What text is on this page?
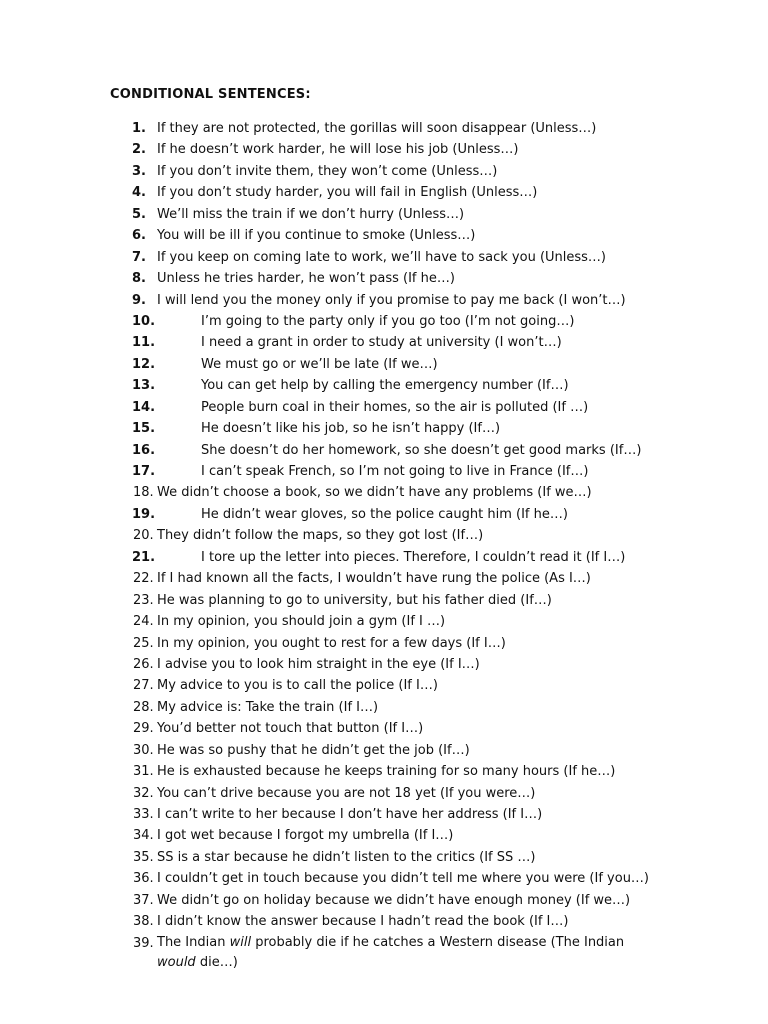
CONDITIONAL SENTENCES:
1. If they are not protected, the gorillas will soon disappear (Unless…)
2. If he doesn’t work harder, he will lose his job (Unless…)
3. If you don’t invite them, they won’t come (Unless…)
4. If you don’t study harder, you will fail in English (Unless…)
5. We’ll miss the train if we don’t hurry (Unless…)
6. You will be ill if you continue to smoke (Unless…)
7. If you keep on coming late to work, we’ll have to sack you (Unless…)
8. Unless he tries harder, he won’t pass (If he…)
9. I will lend you the money only if you promise to pay me back (I won’t…)
10.	I’m going to the party only if you go too (I’m not going…)
11.	I need a grant in order to study at university (I won’t…)
12.	We must go or we’ll be late (If we…)
13.	You can get help by calling the emergency number (If…)
14.	People burn coal in their homes, so the air is polluted (If …)
15.	He doesn’t like his job, so he isn’t happy (If…)
16.	She doesn’t do her homework, so she doesn’t get good marks (If…)
17.	I can’t speak French, so I’m not going to live in France (If…)
18. We didn’t choose a book, so we didn’t have any problems (If we…)
19.	He didn’t wear gloves, so the police caught him (If he…)
20. They didn’t follow the maps, so they got lost (If…)
21.	I tore up the letter into pieces. Therefore, I couldn’t read it (If I…)
22. If I had known all the facts, I wouldn’t have rung the police (As I…)
23. He was planning to go to university, but his father died (If…)
24. In my opinion, you should join a gym (If I …)
25. In my opinion, you ought to rest for a few days (If I…)
26. I advise you to look him straight in the eye (If I…)
27. My advice to you is to call the police (If I…)
28. My advice is: Take the train (If I…)
29. You’d better not touch that button (If I…)
30. He was so pushy that he didn’t get the job (If…)
31. He is exhausted because he keeps training for so many hours (If he…)
32. You can’t drive because you are not 18 yet (If you were…)
33. I can’t write to her because I don’t have her address (If I…)
34. I got wet because I forgot my umbrella (If I…)
35. SS is a star because he didn’t listen to the critics (If SS …)
36. I couldn’t get in touch because you didn’t tell me where you were (If you…)
37. We didn’t go on holiday because we didn’t have enough money (If we…)
38. I didn’t know the answer because I hadn’t read the book (If I…)
39. The Indian will probably die if he catches a Western disease (The Indian
would die…)
